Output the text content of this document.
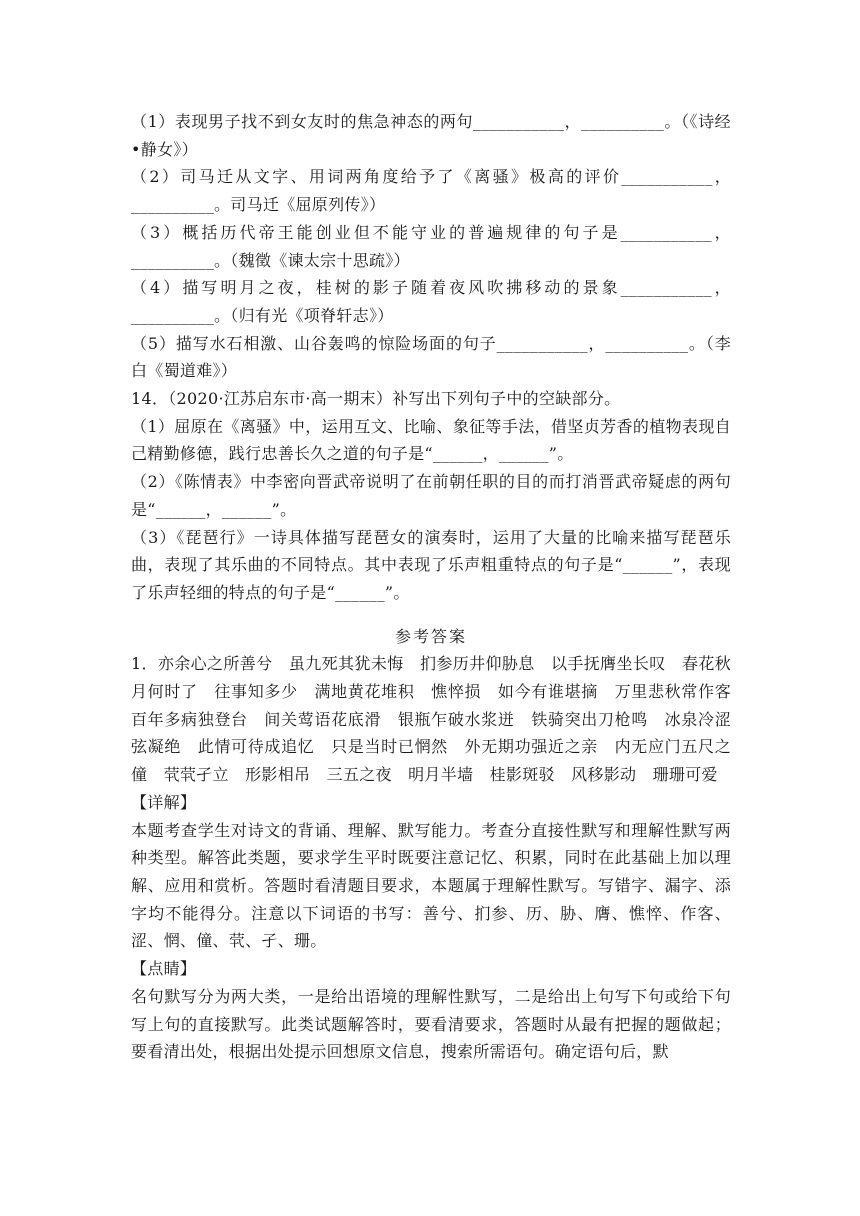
（1）表现男子找不到女友时的焦急神态的两句___________，__________。（《诗经•静女》）

（2）司马迁从文字、用词两角度给予了《离骚》极高的评价___________，__________。司马迁《屈原列传》）

（3）概括历代帝王能创业但不能守业的普遍规律的句子是___________，__________。（魏徵《谏太宗十思疏》）

（4）描写明月之夜，桂树的影子随着夜风吹拂移动的景象___________，__________。（归有光《项脊轩志》）

（5）描写水石相激、山谷轰鸣的惊险场面的句子___________，__________。（李白《蜀道难》）

14．（2020·江苏启东市·高一期末）补写出下列句子中的空缺部分。

（1）屈原在《离骚》中，运用互文、比喻、象征等手法，借坚贞芳香的植物表现自己精勤修德，践行忠善长久之道的句子是“______，______”。

（2）《陈情表》中李密向晋武帝说明了在前朝任职的目的而打消晋武帝疑虑的两句是“______，______”。

（3）《琵琶行》一诗具体描写琵琶女的演奏时，运用了大量的比喻来描写琵琶乐曲，表现了其乐曲的不同特点。其中表现了乐声粗重特点的句子是“______”，表现了乐声轻细的特点的句子是“______”。

参考答案

1．亦余心之所善兮　虽九死其犹未悔　扪参历井仰胁息　以手抚膺坐长叹　春花秋月何时了　往事知多少　满地黄花堆积　憔悴损　如今有谁堪摘　万里悲秋常作客　百年多病独登台　间关莺语花底滑　银瓶乍破水浆迸　铁骑突出刀枪鸣　冰泉冷涩弦凝绝　此情可待成追忆　只是当时已惘然　外无期功强近之亲　内无应门五尺之僮　茕茕孑立　形影相吊　三五之夜　明月半墙　桂影斑驳　风移影动　珊珊可爱

【详解】

本题考查学生对诗文的背诵、理解、默写能力。考查分直接性默写和理解性默写两种类型。解答此类题，要求学生平时既要注意记忆、积累，同时在此基础上加以理解、应用和赏析。答题时看清题目要求，本题属于理解性默写。写错字、漏字、添字均不能得分。注意以下词语的书写：善兮、扪参、历、胁、膺、憔悴、作客、涩、惘、僮、茕、孑、珊。

【点睛】

名句默写分为两大类，一是给出语境的理解性默写，二是给出上句写下句或给下句写上句的直接默写。此类试题解答时，要看清要求，答题时从最有把握的题做起；要看清出处，根据出处提示回想原文信息，搜索所需语句。确定语句后，默
